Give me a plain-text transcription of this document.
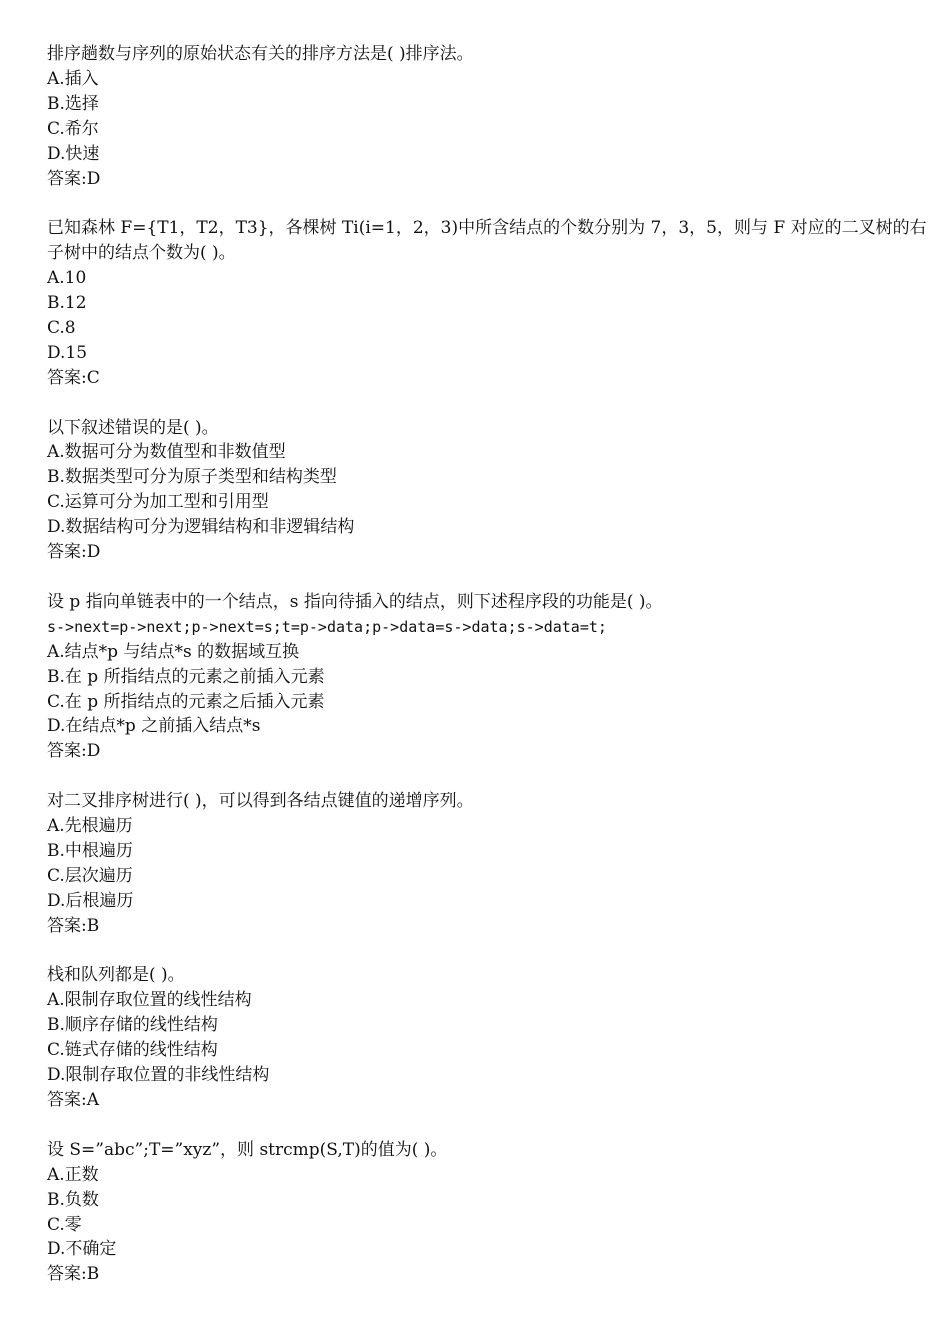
排序趟数与序列的原始状态有关的排序方法是( )排序法。
A.插入
B.选择
C.希尔
D.快速
答案:D
已知森林 F={T1，T2，T3}，各棵树 Ti(i=1，2，3)中所含结点的个数分别为 7，3，5，则与 F 对应的二叉树的右子树中的结点个数为( )。
A.10
B.12
C.8
D.15
答案:C
以下叙述错误的是( )。
A.数据可分为数值型和非数值型
B.数据类型可分为原子类型和结构类型
C.运算可分为加工型和引用型
D.数据结构可分为逻辑结构和非逻辑结构
答案:D
设 p 指向单链表中的一个结点，s 指向待插入的结点，则下述程序段的功能是( )。
s->next=p->next;p->next=s;t=p->data;p->data=s->data;s->data=t;
A.结点*p 与结点*s 的数据域互换
B.在 p 所指结点的元素之前插入元素
C.在 p 所指结点的元素之后插入元素
D.在结点*p 之前插入结点*s
答案:D
对二叉排序树进行( )，可以得到各结点键值的递增序列。
A.先根遍历
B.中根遍历
C.层次遍历
D.后根遍历
答案:B
栈和队列都是( )。
A.限制存取位置的线性结构
B.顺序存储的线性结构
C.链式存储的线性结构
D.限制存取位置的非线性结构
答案:A
设 S=”abc”;T=”xyz”，则 strcmp(S,T)的值为( )。
A.正数
B.负数
C.零
D.不确定
答案:B
